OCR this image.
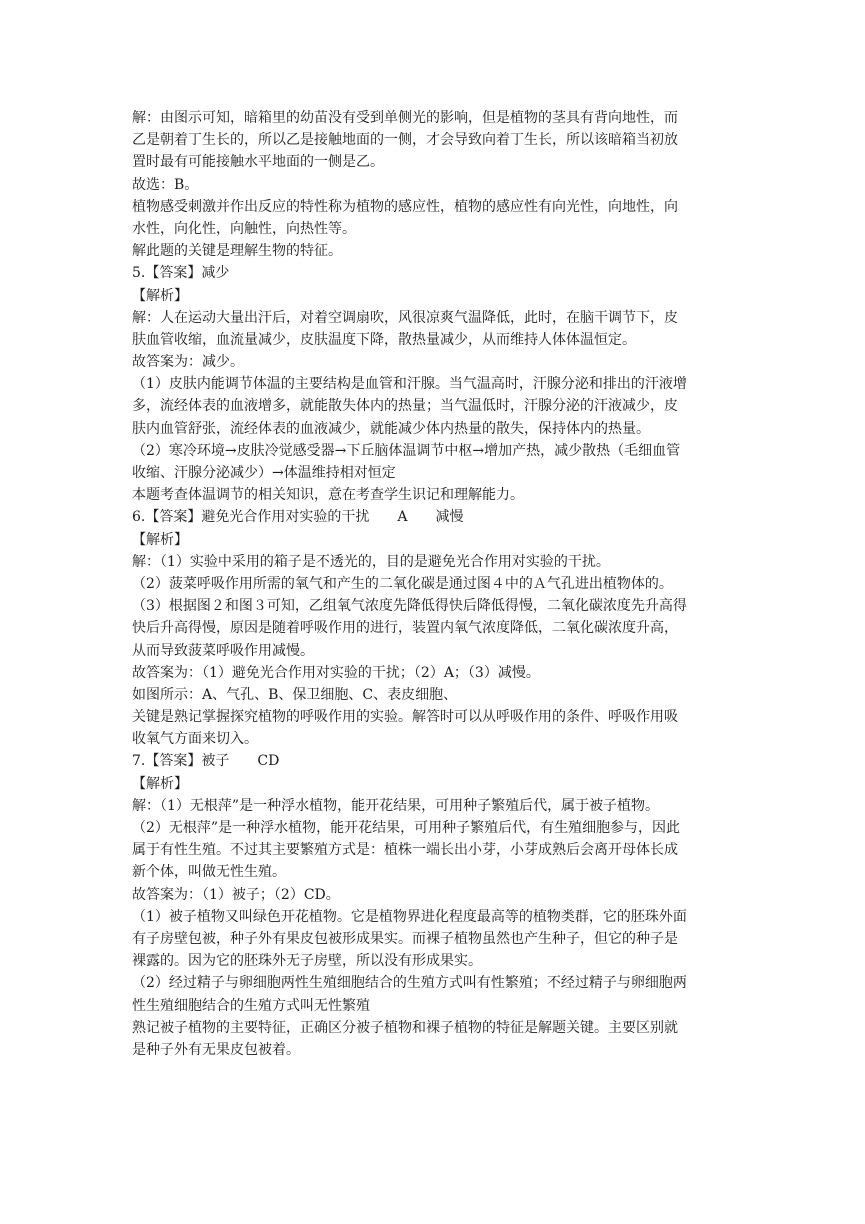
解：由图示可知，暗箱里的幼苗没有受到单侧光的影响，但是植物的茎具有背向地性，而
乙是朝着丁生长的，所以乙是接触地面的一侧，才会导致向着丁生长，所以该暗箱当初放
置时最有可能接触水平地面的一侧是乙。
故选：B。
植物感受刺激并作出反应的特性称为植物的感应性，植物的感应性有向光性，向地性，向
水性，向化性，向触性，向热性等。
解此题的关键是理解生物的特征。
5.【答案】减少
【解析】
解：人在运动大量出汗后，对着空调扇吹，风很凉爽气温降低，此时，在脑干调节下，皮
肤血管收缩，血流量减少，皮肤温度下降，散热量减少，从而维持人体体温恒定。
故答案为：减少。
（1）皮肤内能调节体温的主要结构是血管和汗腺。当气温高时，汗腺分泌和排出的汗液增
多，流经体表的血液增多，就能散失体内的热量；当气温低时，汗腺分泌的汗液减少，皮
肤内血管舒张，流经体表的血液减少，就能减少体内热量的散失，保持体内的热量。
（2）寒冷环境→皮肤冷觉感受器→下丘脑体温调节中枢→增加产热，减少散热（毛细血管
收缩、汗腺分泌减少）→体温维持相对恒定
本题考查体温调节的相关知识，意在考查学生识记和理解能力。
6.【答案】避免光合作用对实验的干扰 A 减慢
【解析】
解：（1）实验中采用的箱子是不透光的，目的是避免光合作用对实验的干扰。
（2）菠菜呼吸作用所需的氧气和产生的二氧化碳是通过图４中的Ａ气孔进出植物体的。
（3）根据图２和图３可知，乙组氧气浓度先降低得快后降低得慢，二氧化碳浓度先升高得
快后升高得慢，原因是随着呼吸作用的进行，装置内氧气浓度降低，二氧化碳浓度升高，
从而导致菠菜呼吸作用减慢。
故答案为：（1）避免光合作用对实验的干扰；（2）A；（3）减慢。
如图所示：A、气孔、B、保卫细胞、C、表皮细胞、
关键是熟记掌握探究植物的呼吸作用的实验。解答时可以从呼吸作用的条件、呼吸作用吸
收氧气方面来切入。
7.【答案】被子 CD
【解析】
解：（1）无根萍”是一种浮水植物，能开花结果，可用种子繁殖后代，属于被子植物。
（2）无根萍”是一种浮水植物，能开花结果，可用种子繁殖后代，有生殖细胞参与，因此
属于有性生殖。不过其主要繁殖方式是：植株一端长出小芽，小芽成熟后会离开母体长成
新个体，叫做无性生殖。
故答案为：（1）被子；（2）CD。
（1）被子植物又叫绿色开花植物。它是植物界进化程度最高等的植物类群，它的胚珠外面
有子房壁包被，种子外有果皮包被形成果实。而裸子植物虽然也产生种子，但它的种子是
裸露的。因为它的胚珠外无子房壁，所以没有形成果实。
（2）经过精子与卵细胞两性生殖细胞结合的生殖方式叫有性繁殖；不经过精子与卵细胞两
性生殖细胞结合的生殖方式叫无性繁殖
熟记被子植物的主要特征，正确区分被子植物和裸子植物的特征是解题关键。主要区别就
是种子外有无果皮包被着。
